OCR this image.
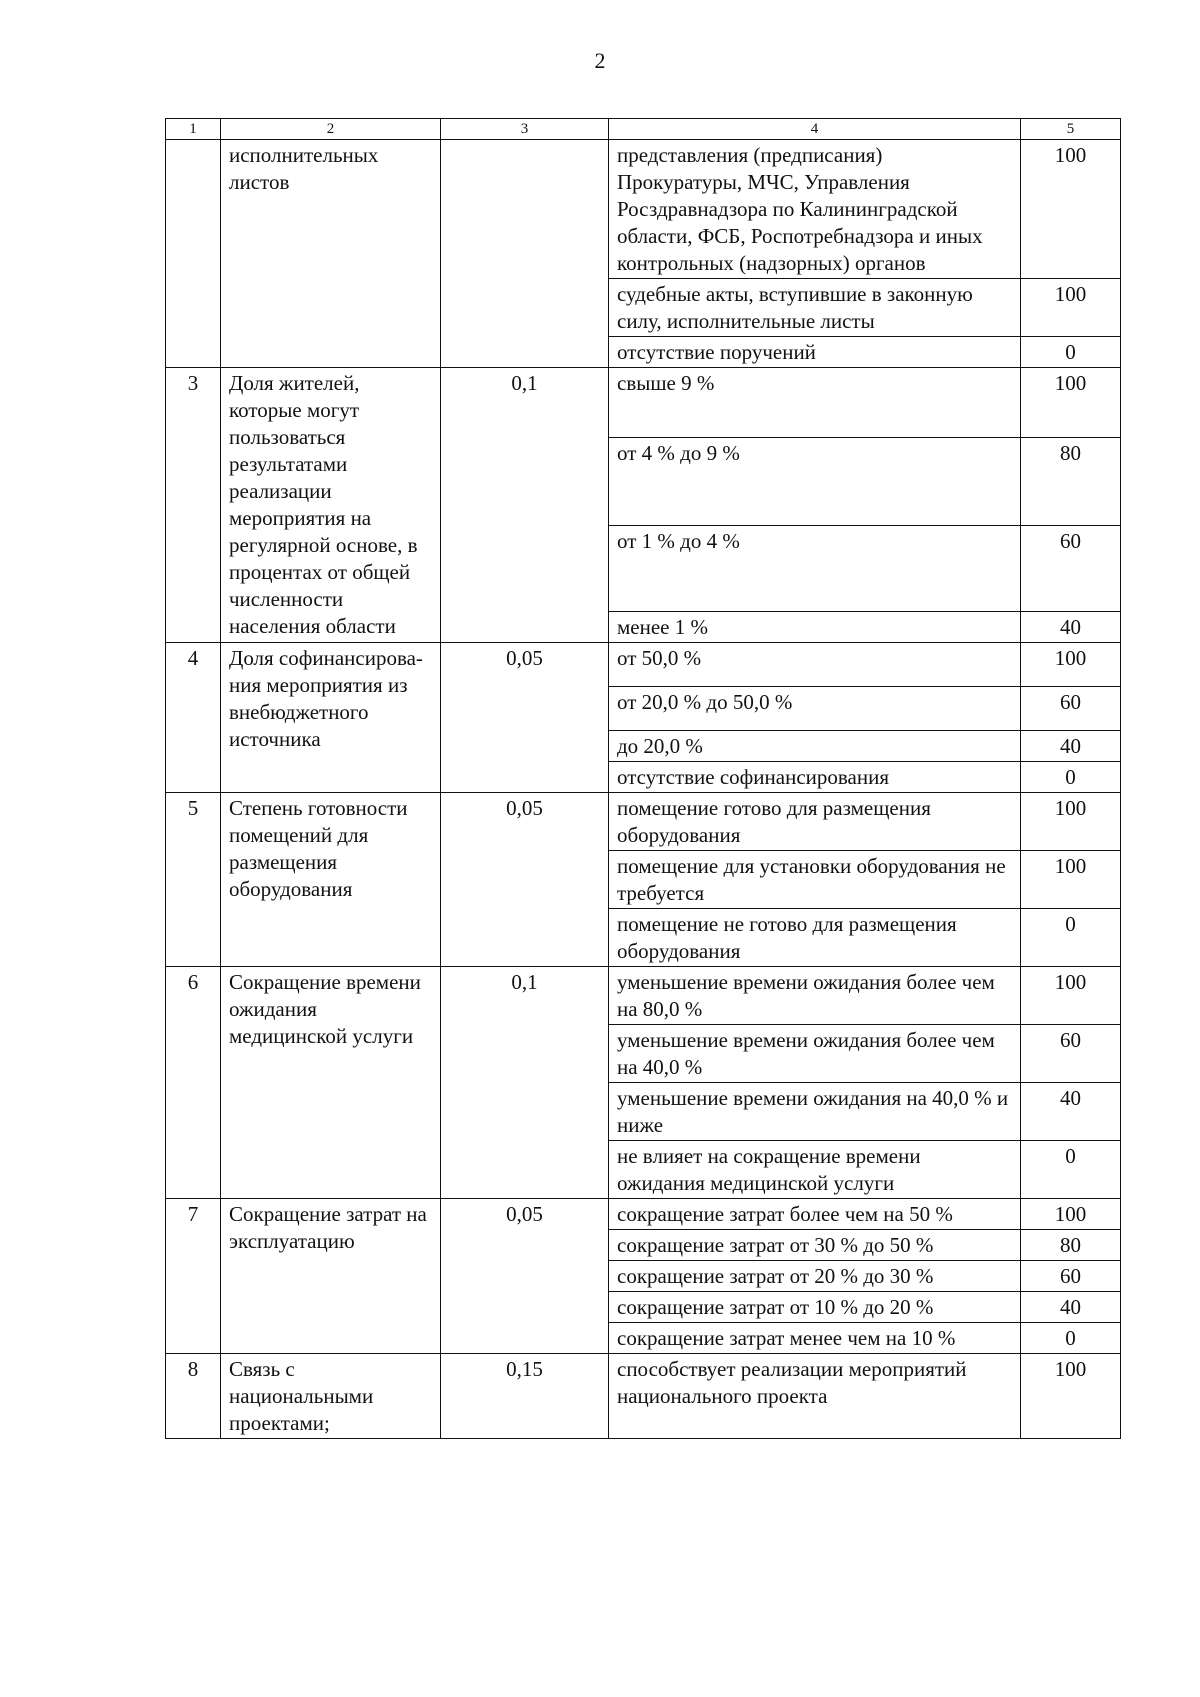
2
1	2	3	4	5
	исполнительных листов		представления (предписания) Прокуратуры, МЧС, Управления Росздравнадзора по Калининградской области, ФСБ, Роспотребнадзора и иных контрольных (надзорных) органов	100
			судебные акты, вступившие в законную силу, исполнительные листы	100
			отсутствие поручений	0
3	Доля жителей, которые могут пользоваться результатами реализации мероприятия на регулярной основе, в процентах от общей численности населения области	0,1	свыше 9 %	100
			от 4 % до 9 %	80
			от 1 % до 4 %	60
			менее 1 %	40
4	Доля софинансирова-ния мероприятия из внебюджетного источника	0,05	от 50,0 %	100
			от 20,0 % до 50,0 %	60
			до 20,0 %	40
			отсутствие софинансирования	0
5	Степень готовности помещений для размещения оборудования	0,05	помещение готово для размещения оборудования	100
			помещение для установки оборудования не требуется	100
			помещение не готово для размещения оборудования	0
6	Сокращение времени ожидания медицинской услуги	0,1	уменьшение времени ожидания более чем на 80,0 %	100
			уменьшение времени ожидания более чем на 40,0 %	60
			уменьшение времени ожидания на 40,0 % и ниже	40
			не влияет на сокращение времени ожидания медицинской услуги	0
7	Сокращение затрат на эксплуатацию	0,05	сокращение затрат более чем на 50 %	100
			сокращение затрат от 30 % до 50 %	80
			сокращение затрат от 20 % до 30 %	60
			сокращение затрат от 10 % до 20 %	40
			сокращение затрат менее чем на 10 %	0
8	Связь с национальными проектами;	0,15	способствует реализации мероприятий национального проекта	100
